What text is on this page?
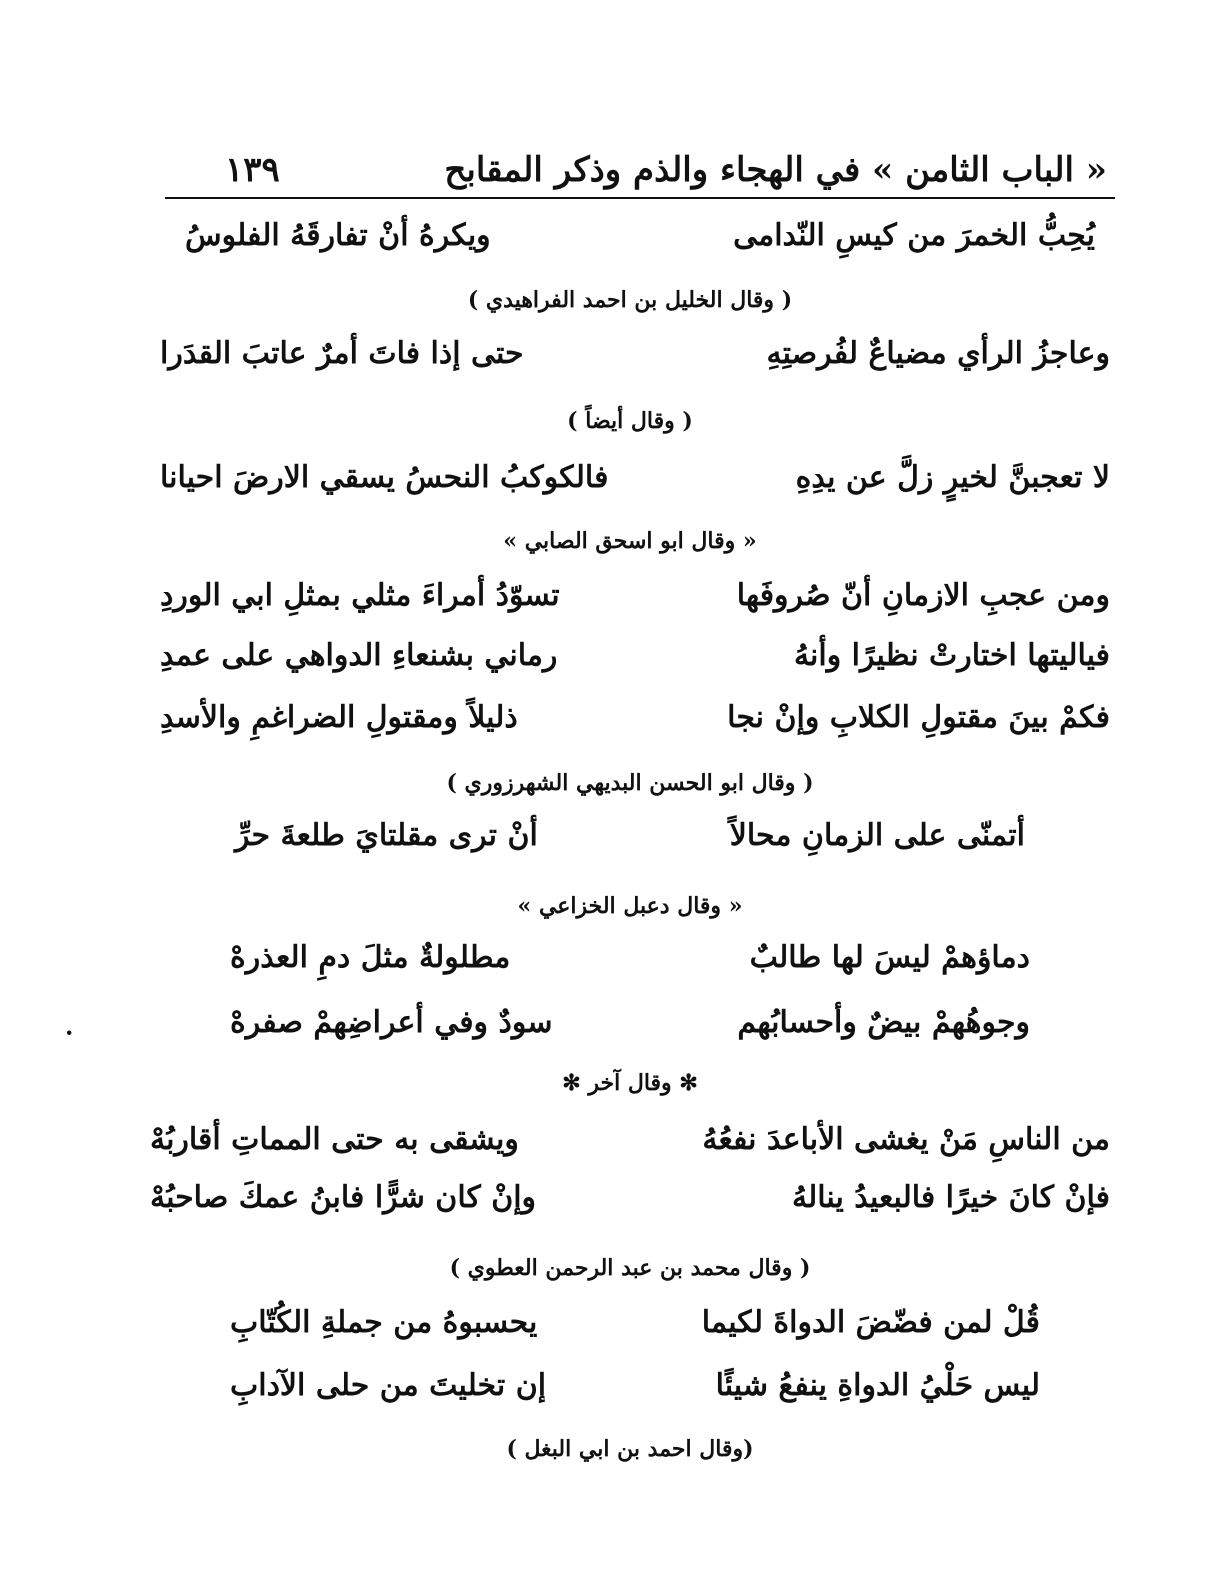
« الباب الثامن » في الهجاء والذم وذكر المقابح
١٣٩
يُحِبُّ الخمرَ من كيسِ النّدامى
ويكرهُ أنْ تفارقَهُ الفلوسُ
( وقال الخليل بن احمد الفراهيدي )
وعاجزُ الرأي مضياعٌ لفُرصتِهِ
حتى إذا فاتَ أمرٌ عاتبَ القدَرا
( وقال أيضاً )
لا تعجبنَّ لخيرٍ زلَّ عن يدِهِ
فالكوكبُ النحسُ يسقي الارضَ احيانا
« وقال ابو اسحق الصابي »
ومن عجبِ الازمانِ أنّ صُروفَها
تسوّدُ أمراءَ مثلي بمثلِ ابي الوردِ
فياليتها اختارتْ نظيرًا وأنهُ
رماني بشنعاءِ الدواهي على عمدِ
فكمْ بينَ مقتولِ الكلابِ وإنْ نجا
ذليلاً ومقتولِ الضراغمِ والأسدِ
( وقال ابو الحسن البديهي الشهرزوري )
أتمنّى على الزمانِ محالاً
أنْ ترى مقلتايَ طلعةَ حرِّ
« وقال دعبل الخزاعي »
دماؤهمْ ليسَ لها طالبٌ
مطلولةٌ مثلَ دمِ العذرهْ
وجوهُهمْ بيضٌ وأحسابُهم
سودٌ وفي أعراضِهمْ صفرهْ
·
✻ وقال آخر ✻
من الناسِ مَنْ يغشى الأباعدَ نفعُهُ
ويشقى به حتى المماتِ أقاربُهْ
فإنْ كانَ خيرًا فالبعيدُ ينالهُ
وإنْ كان شرًّا فابنُ عمكَ صاحبُهْ
( وقال محمد بن عبد الرحمن العطوي )
قُلْ لمن فضّضَ الدواةَ لكيما
يحسبوهُ من جملةِ الكُتّابِ
ليس حَلْيُ الدواةِ ينفعُ شيئًا
إن تخليتَ من حلى الآدابِ
(وقال احمد بن ابي البغل )
